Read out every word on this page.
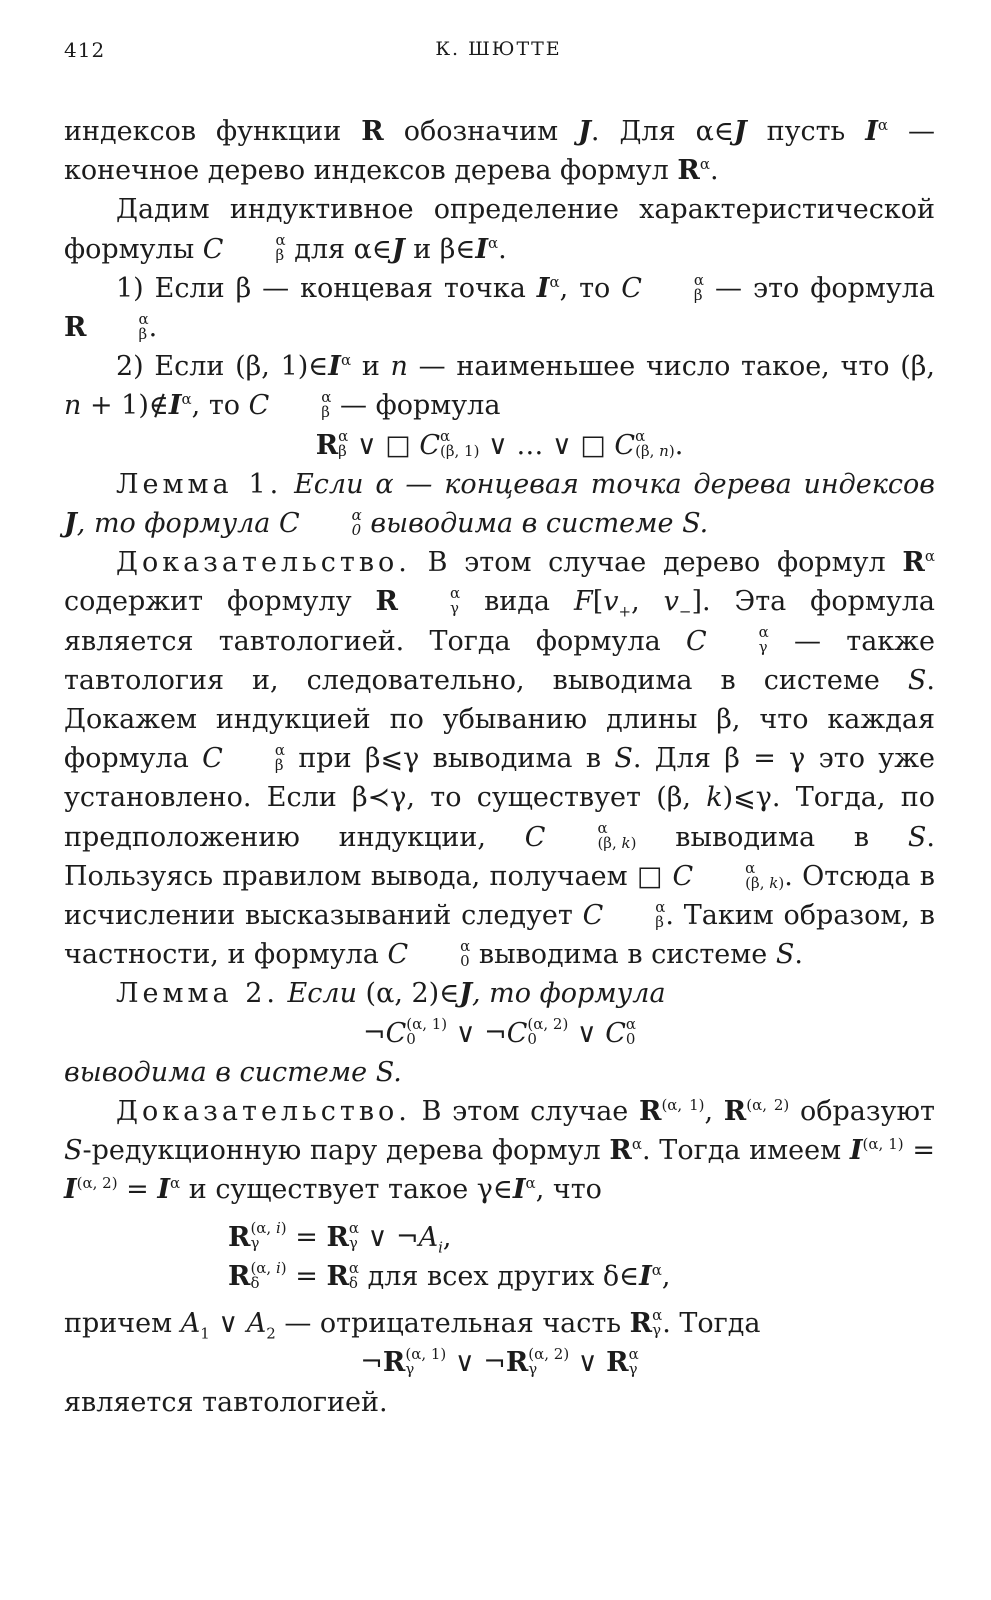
412	К. ШЮТТЕ

индексов функции R обозначим J. Для α∈J пусть $I^\alpha$ — конечное дерево индексов дерева формул $R^\alpha$.

Дадим индуктивное определение характеристической формулы C	α
β для α∈J и $\beta\in I^\alpha$.

1) Если β — концевая точка $I^\alpha$, то C	α
β — это формула R	α
β .

2) Если (β, $1)\in I^\alpha$ и n — наименьшее число такое, что (β, $n + 1)\notin I^\alpha$, то C	α
β — формула

R α
β ∨ □ C α
(β, 1) ∨ … ∨ □ C α
(β, n) .

Лемма 1. Если α — концевая точка дерева индексов J, то формула C	α
0 выводима в системе S.

Доказательство. В этом случае дерево формул $R^\alpha$ содержит формулу R	α
γ вида $F[v_+$, $v_-$]. Эта формула является тавтологией. Тогда формула C	α
γ — также тавтология и, следовательно, выводима в системе S. Докажем индукцией по убыванию длины β, что каждая формула C	α
β при β⩽γ выводима в S. Для β = γ это уже установлено. Если β≺γ, то существует (β, k)⩽γ. Тогда, по предположению индукции, C	α
(β, k) выводима в S. Пользуясь правилом вывода, получаем □ C	α
(β, k) . Отсюда в исчислении высказываний следует C	α
β . Таким образом, в частности, и формула C	α
0 выводима в системе S.

Лемма 2. Если (α, 2)∈J, то формула

¬C (α, 1)
0	∨ ¬C (α, 2)
0	∨ C α
0

выводима в системе S.

Доказательство. В этом случае $R^{(\alpha, 1)}$, $R^{(\alpha, 2)}$ образуют S-редукционную пару дерева формул $R^\alpha$. Тогда имеем $I^{(\alpha, 1)} = I^{(\alpha, 2)} = I^\alpha$ и существует такое $\gamma\in I^\alpha$, что

R (α, i)
γ	= R α
γ ∨ $\neg A_i$,

R (α, i)
δ	= R α
δ для всех других $\delta\in I^\alpha$,

причем $A_1$ ∨ $A_2$ — отрицательная часть R α
γ . Тогда

¬R (α, 1)
γ	∨ ¬R (α, 2)
γ	∨ R α
γ

является тавтологией.
